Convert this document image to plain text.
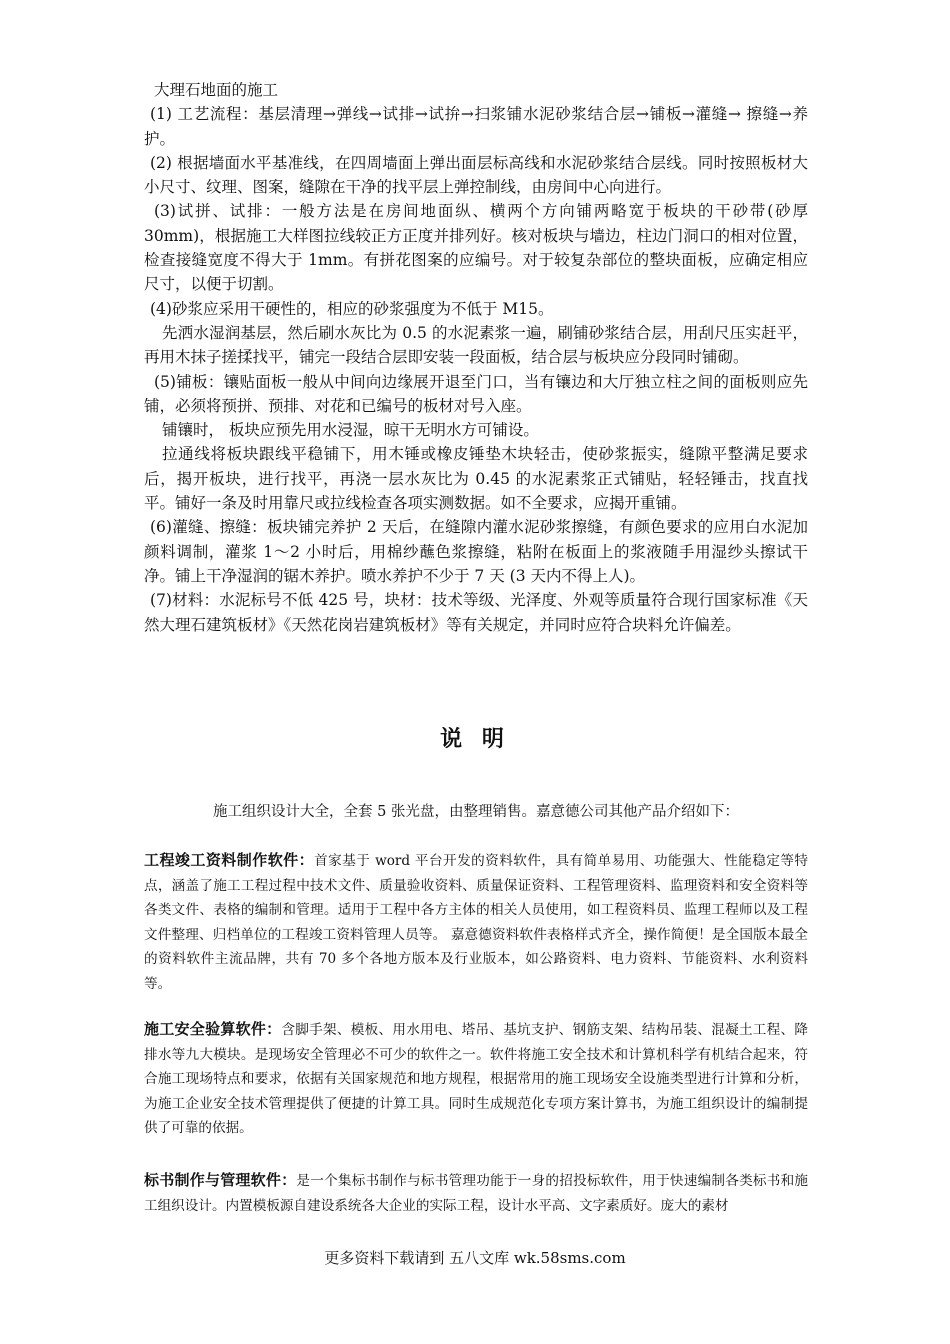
大理石地面的施工

(1) 工艺流程：基层清理→弹线→试排→试拚→扫浆铺水泥砂浆结合层→铺板→灌缝→ 擦缝→养护。

(2) 根据墙面水平基准线，在四周墙面上弹出面层标高线和水泥砂浆结合层线。同时按照板材大小尺寸、纹理、图案，缝隙在干净的找平层上弹控制线，由房间中心向进行。

(3)试拼、试排：一般方法是在房间地面纵、横两个方向铺两略宽于板块的干砂带(砂厚30mm)，根据施工大样图拉线较正方正度并排列好。核对板块与墙边，柱边门洞口的相对位置，检查接缝宽度不得大于 1mm。有拼花图案的应编号。对于较复杂部位的整块面板，应确定相应尺寸，以便于切割。

(4)砂浆应采用干硬性的，相应的砂浆强度为不低于 M15。

先洒水湿润基层，然后刷水灰比为 0.5 的水泥素浆一遍，刷铺砂浆结合层，用刮尺压实赶平，再用木抹子搓揉找平，铺完一段结合层即安装一段面板，结合层与板块应分段同时铺砌。

(5)铺板：镶贴面板一般从中间向边缘展开退至门口，当有镶边和大厅独立柱之间的面板则应先铺，必须将预拼、预排、对花和已编号的板材对号入座。

铺镶时， 板块应预先用水浸湿，晾干无明水方可铺设。

拉通线将板块跟线平稳铺下，用木锤或橡皮锤垫木块轻击，使砂浆振实，缝隙平整满足要求后，揭开板块，进行找平，再浇一层水灰比为 0.45 的水泥素浆正式铺贴，轻轻锤击，找直找平。铺好一条及时用靠尺或拉线检查各项实测数据。如不全要求，应揭开重铺。

(6)灌缝、擦缝：板块铺完养护 2 天后，在缝隙内灌水泥砂浆擦缝，有颜色要求的应用白水泥加颜料调制，灌浆 1～2 小时后，用棉纱蘸色浆擦缝，粘附在板面上的浆液随手用湿纱头擦试干净。铺上干净湿润的锯木养护。喷水养护不少于 7 天 (3 天内不得上人)。

(7)材料：水泥标号不低 425 号，块材：技术等级、光泽度、外观等质量符合现行国家标准《天然大理石建筑板材》《天然花岗岩建筑板材》等有关规定，并同时应符合块料允许偏差。

说 明
施工组织设计大全，全套 5 张光盘，由整理销售。嘉意德公司其他产品介绍如下：

工程竣工资料制作软件：首家基于 word 平台开发的资料软件，具有简单易用、功能强大、性能稳定等特点，涵盖了施工工程过程中技术文件、质量验收资料、质量保证资料、工程管理资料、监理资料和安全资料等各类文件、表格的编制和管理。适用于工程中各方主体的相关人员使用，如工程资料员、监理工程师以及工程文件整理、归档单位的工程竣工资料管理人员等。 嘉意德资料软件表格样式齐全，操作简便！是全国版本最全的资料软件主流品牌，共有 70 多个各地方版本及行业版本，如公路资料、电力资料、节能资料、水利资料等。

施工安全验算软件：含脚手架、模板、用水用电、塔吊、基坑支护、钢筋支架、结构吊装、混凝土工程、降排水等九大模块。是现场安全管理必不可少的软件之一。软件将施工安全技术和计算机科学有机结合起来，符合施工现场特点和要求，依据有关国家规范和地方规程，根据常用的施工现场安全设施类型进行计算和分析，为施工企业安全技术管理提供了便捷的计算工具。同时生成规范化专项方案计算书，为施工组织设计的编制提供了可靠的依据。

标书制作与管理软件：是一个集标书制作与标书管理功能于一身的招投标软件，用于快速编制各类标书和施工组织设计。内置模板源自建设系统各大企业的实际工程，设计水平高、文字素质好。庞大的素材

更多资料下载请到 五八文库 wk.58sms.com
